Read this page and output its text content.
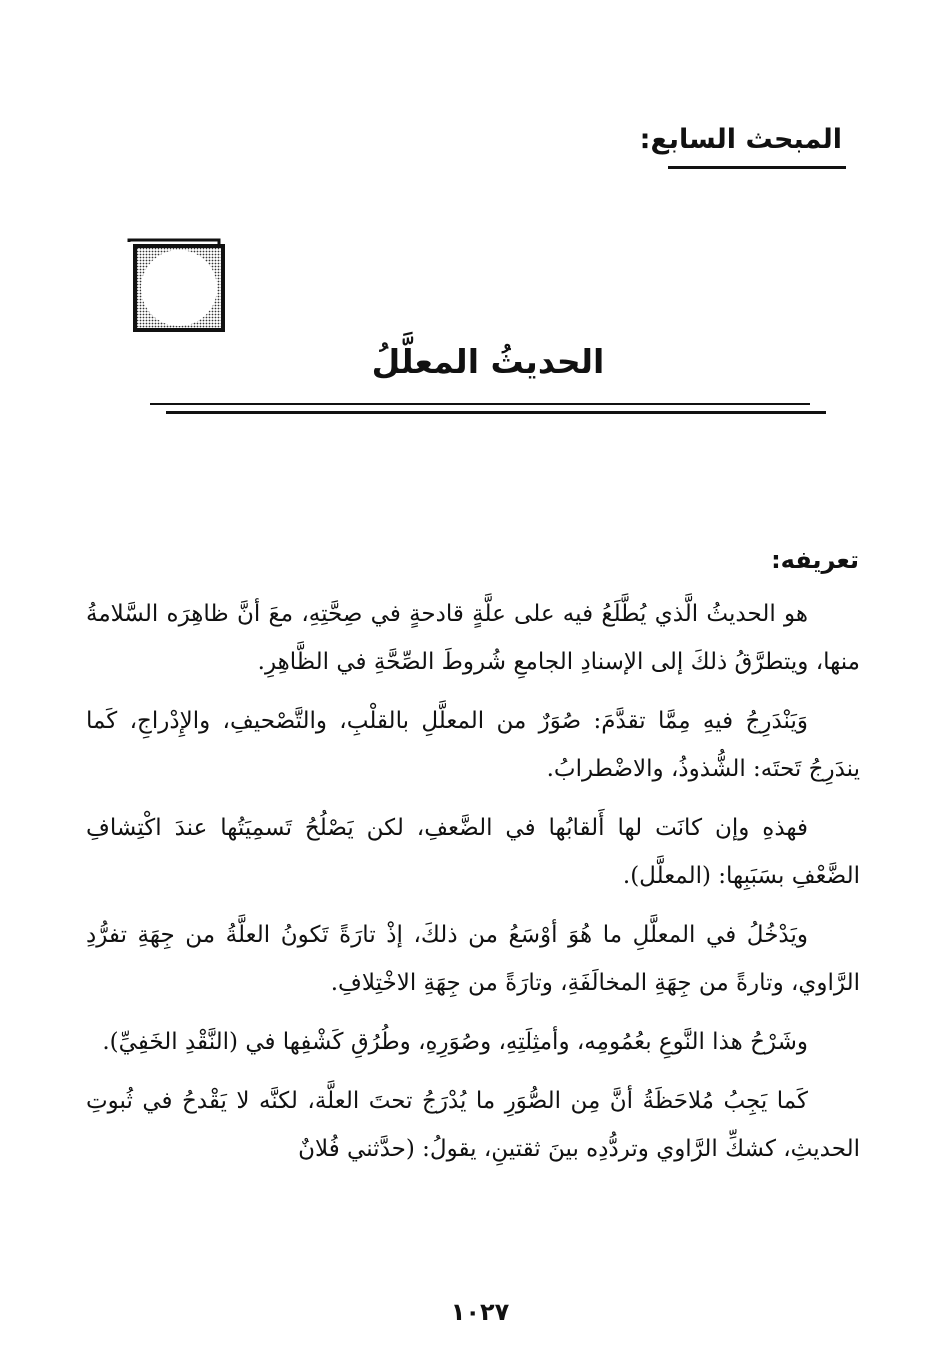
المبحث السابع:
الحديثُ المعلَّلُ
تعريفه:

هو الحديثُ الَّذي يُطَّلَعُ فيه على علَّةٍ قادحةٍ في صِحَّتِهِ، معَ أنَّ ظاهِرَه السَّلامةُ منها، ويتطرَّقُ ذلكَ إلى الإسنادِ الجامعِ شُروطَ الصِّحَّةِ في الظَّاهِرِ.

وَيَنْدَرِجُ فيهِ مِمَّا تقدَّمَ: صُوَرٌ من المعلَّلِ بالقلْبِ، والتَّصْحيفِ، والإِدْراجِ، كَما يندَرِجُ تَحتَه: الشُّذوذُ، والاضْطرابُ.

فهذهِ وإن كانَت لها أَلقابُها في الضَّعفِ، لكن يَصْلُحُ تَسمِيَتُها عندَ اكْتِشافِ الضَّعْفِ بسَبَبِها: (المعلَّل).

ويَدْخُلُ في المعلَّلِ ما هُوَ أوْسَعُ من ذلكَ، إذْ تارَةً تَكونُ العلَّةُ من جِهَةِ تفرُّدِ الرَّاوي، وتارةً من جِهَةِ المخالَفَةِ، وتارَةً من جِهَةِ الاخْتِلافِ.

وشَرْحُ هذا النَّوعِ بعُمُومِه، وأمثِلَتِهِ، وصُوَرِهِ، وطُرُقِ كَشْفِها في (النَّقْدِ الخَفِيِّ).

كَما يَجِبُ مُلاحَظَةُ أنَّ مِن الصُّوَرِ ما يُدْرَجُ تحتَ العلَّة، لكنَّه لا يَقْدحُ في ثُبوتِ الحديثِ، كشكِّ الرَّاوي وتردُّدِه بينَ ثقتينِ، يقولُ: (حدَّثني فُلانٌ

١٠٢٧
